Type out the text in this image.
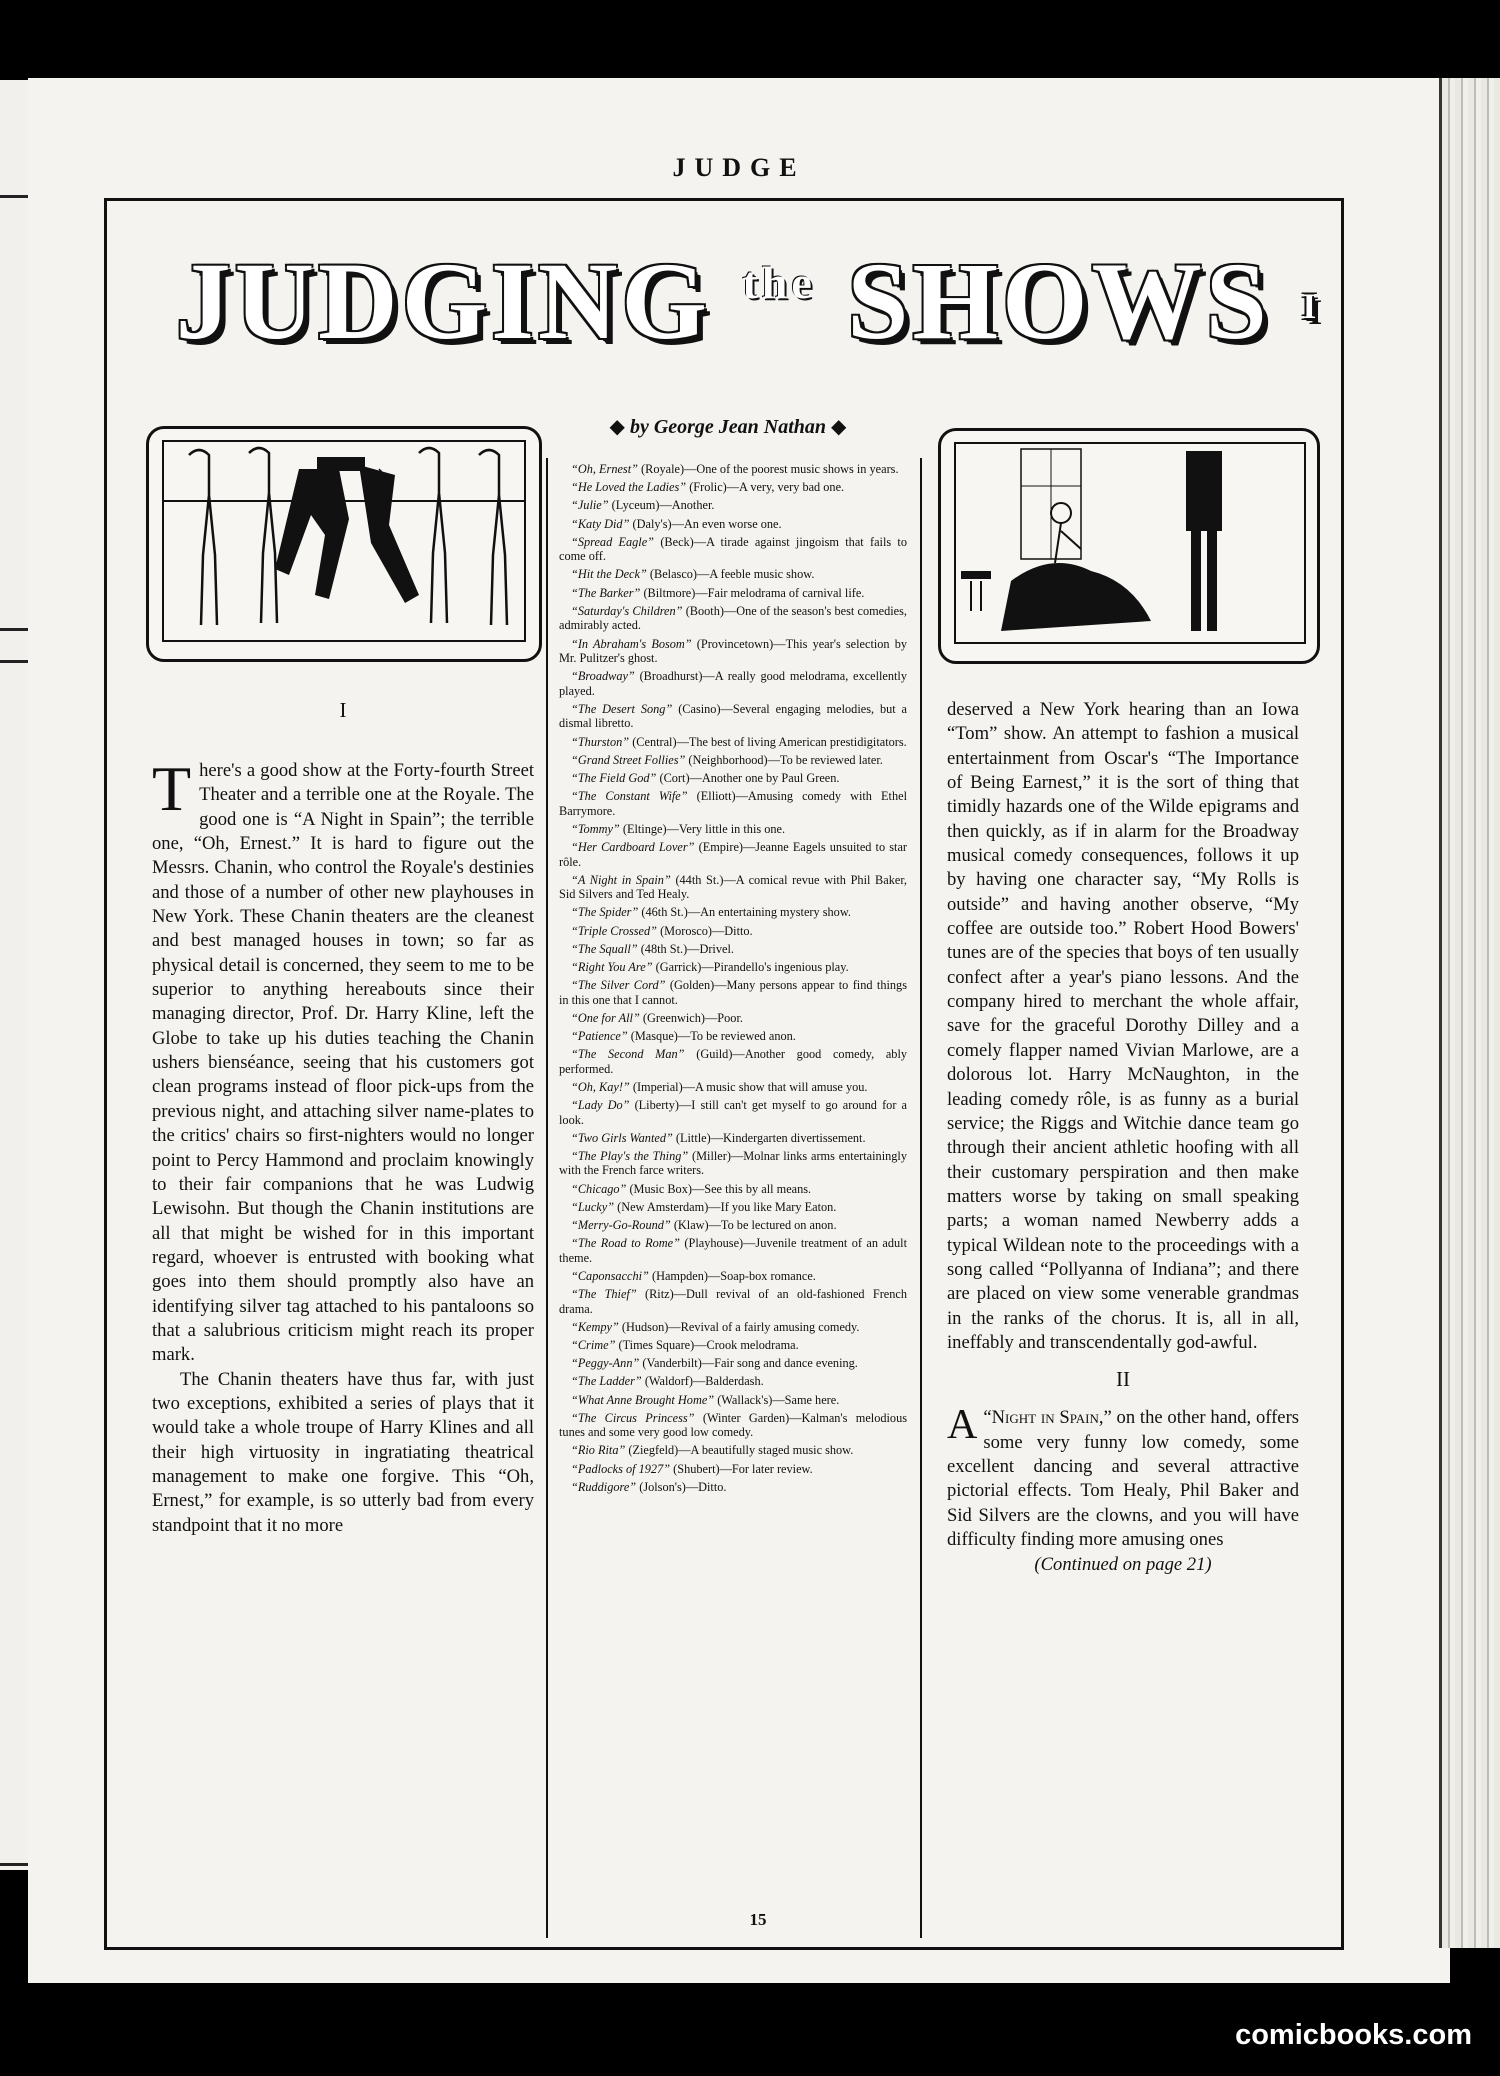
JUDGE
JUDGING $^{the}$ SHOWS I
◆ by George Jean Nathan ◆
I

There's a good show at the Forty-fourth Street Theater and a terrible one at the Royale. The good one is “A Night in Spain”; the terrible one, “Oh, Ernest.” It is hard to figure out the Messrs. Chanin, who control the Royale's destinies and those of a number of other new playhouses in New York. These Chanin theaters are the cleanest and best managed houses in town; so far as physical detail is concerned, they seem to me to be superior to anything hereabouts since their managing director, Prof. Dr. Harry Kline, left the Globe to take up his duties teaching the Chanin ushers bienséance, seeing that his customers got clean programs instead of floor pick-ups from the previous night, and attaching silver name-plates to the critics' chairs so first-nighters would no longer point to Percy Hammond and proclaim knowingly to their fair companions that he was Ludwig Lewisohn. But though the Chanin institutions are all that might be wished for in this important regard, whoever is entrusted with booking what goes into them should promptly also have an identifying silver tag attached to his pantaloons so that a salubrious criticism might reach its proper mark.

The Chanin theaters have thus far, with just two exceptions, exhibited a series of plays that it would take a whole troupe of Harry Klines and all their high virtuosity in ingratiating theatrical management to make one forgive. This “Oh, Ernest,” for example, is so utterly bad from every standpoint that it no more

“Oh, Ernest” (Royale)—One of the poorest music shows in years.

“He Loved the Ladies” (Frolic)—A very, very bad one.

“Julie” (Lyceum)—Another.

“Katy Did” (Daly's)—An even worse one.

“Spread Eagle” (Beck)—A tirade against jingoism that fails to come off.

“Hit the Deck” (Belasco)—A feeble music show.

“The Barker” (Biltmore)—Fair melodrama of carnival life.

“Saturday's Children” (Booth)—One of the season's best comedies, admirably acted.

“In Abraham's Bosom” (Provincetown)—This year's selection by Mr. Pulitzer's ghost.

“Broadway” (Broadhurst)—A really good melodrama, excellently played.

“The Desert Song” (Casino)—Several engaging melodies, but a dismal libretto.

“Thurston” (Central)—The best of living American prestidigitators.

“Grand Street Follies” (Neighborhood)—To be reviewed later.

“The Field God” (Cort)—Another one by Paul Green.

“The Constant Wife” (Elliott)—Amusing comedy with Ethel Barrymore.

“Tommy” (Eltinge)—Very little in this one.

“Her Cardboard Lover” (Empire)—Jeanne Eagels unsuited to star rôle.

“A Night in Spain” (44th St.)—A comical revue with Phil Baker, Sid Silvers and Ted Healy.

“The Spider” (46th St.)—An entertaining mystery show.

“Triple Crossed” (Morosco)—Ditto.

“The Squall” (48th St.)—Drivel.

“Right You Are” (Garrick)—Pirandello's ingenious play.

“The Silver Cord” (Golden)—Many persons appear to find things in this one that I cannot.

“One for All” (Greenwich)—Poor.

“Patience” (Masque)—To be reviewed anon.

“The Second Man” (Guild)—Another good comedy, ably performed.

“Oh, Kay!” (Imperial)—A music show that will amuse you.

“Lady Do” (Liberty)—I still can't get myself to go around for a look.

“Two Girls Wanted” (Little)—Kindergarten divertissement.

“The Play's the Thing” (Miller)—Molnar links arms entertainingly with the French farce writers.

“Chicago” (Music Box)—See this by all means.

“Lucky” (New Amsterdam)—If you like Mary Eaton.

“Merry-Go-Round” (Klaw)—To be lectured on anon.

“The Road to Rome” (Playhouse)—Juvenile treatment of an adult theme.

“Caponsacchi” (Hampden)—Soap-box romance.

“The Thief” (Ritz)—Dull revival of an old-fashioned French drama.

“Kempy” (Hudson)—Revival of a fairly amusing comedy.

“Crime” (Times Square)—Crook melodrama.

“Peggy-Ann” (Vanderbilt)—Fair song and dance evening.

“The Ladder” (Waldorf)—Balderdash.

“What Anne Brought Home” (Wallack's)—Same here.

“The Circus Princess” (Winter Garden)—Kalman's melodious tunes and some very good low comedy.

“Rio Rita” (Ziegfeld)—A beautifully staged music show.

“Padlocks of 1927” (Shubert)—For later review.

“Ruddigore” (Jolson's)—Ditto.

deserved a New York hearing than an Iowa “Tom” show. An attempt to fashion a musical entertainment from Oscar's “The Importance of Being Earnest,” it is the sort of thing that timidly hazards one of the Wilde epigrams and then quickly, as if in alarm for the Broadway musical comedy consequences, follows it up by having one character say, “My Rolls is outside” and having another observe, “My coffee are outside too.” Robert Hood Bowers' tunes are of the species that boys of ten usually confect after a year's piano lessons. And the company hired to merchant the whole affair, save for the graceful Dorothy Dilley and a comely flapper named Vivian Marlowe, are a dolorous lot. Harry McNaughton, in the leading comedy rôle, is as funny as a burial service; the Riggs and Witchie dance team go through their ancient athletic hoofing with all their customary perspiration and then make matters worse by taking on small speaking parts; a woman named Newberry adds a typical Wildean note to the proceedings with a song called “Pollyanna of Indiana”; and there are placed on view some venerable grandmas in the ranks of the chorus. It is, all in all, ineffably and transcendentally god-awful.

II

“
A Night in Spain,” on the other hand, offers some very funny low comedy, some excellent dancing and several attractive pictorial effects. Tom Healy, Phil Baker and Sid Silvers are the clowns, and you will have difficulty finding more amusing ones

(Continued on page 21)
15
comicbooks.com
